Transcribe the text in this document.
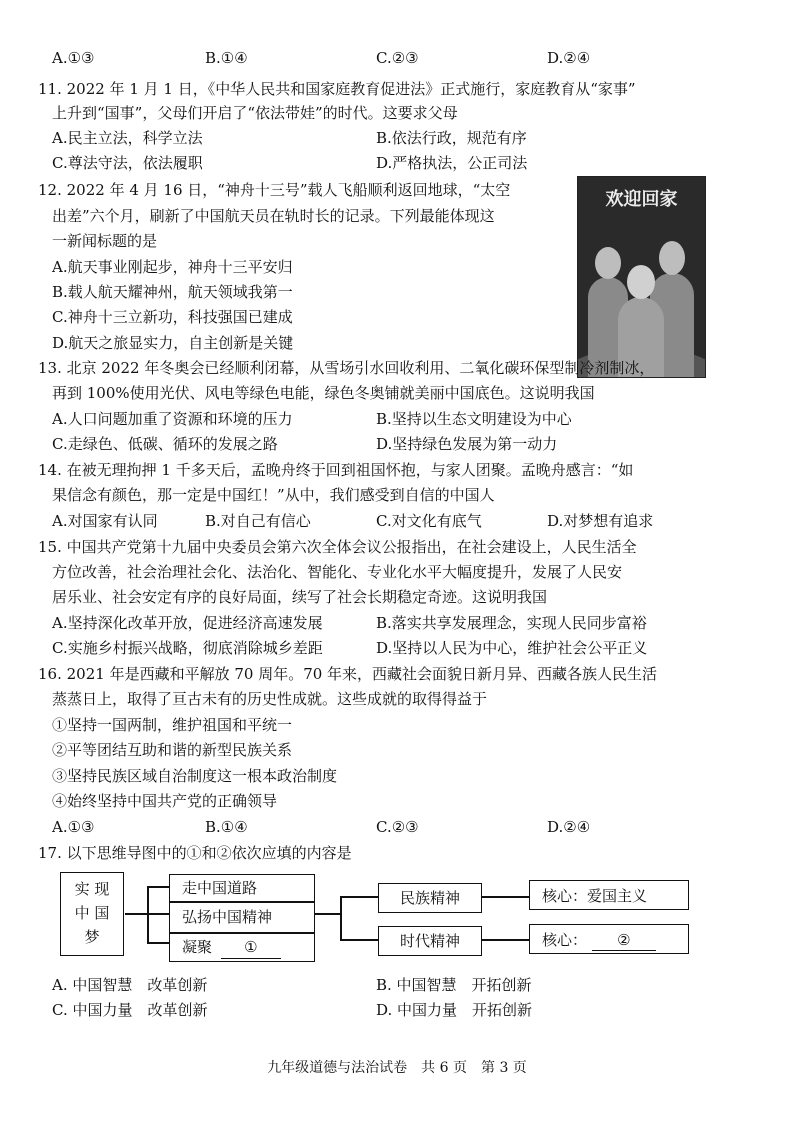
A.①③	B.①④	C.②③	D.②④
11. 2022 年 1 月 1 日，《中华人民共和国家庭教育促进法》正式施行，家庭教育从“家事”
上升到“国事”，父母们开启了“依法带娃”的时代。这要求父母
A.民主立法，科学立法	B.依法行政，规范有序
C.尊法守法，依法履职	D.严格执法，公正司法
12. 2022 年 4 月 16 日，“神舟十三号”载人飞船顺利返回地球，“太空
出差”六个月，刷新了中国航天员在轨时长的记录。下列最能体现这
一新闻标题的是
A.航天事业刚起步，神舟十三平安归
B.载人航天耀神州，航天领域我第一
C.神舟十三立新功，科技强国已建成
D.航天之旅显实力，自主创新是关键
欢迎回家
13. 北京 2022 年冬奥会已经顺利闭幕，从雪场引水回收利用、二氧化碳环保型制冷剂制冰，
再到 100%使用光伏、风电等绿色电能，绿色冬奥铺就美丽中国底色。这说明我国
A.人口问题加重了资源和环境的压力	B.坚持以生态文明建设为中心
C.走绿色、低碳、循环的发展之路	D.坚持绿色发展为第一动力
14. 在被无理拘押 1 千多天后，孟晚舟终于回到祖国怀抱，与家人团聚。孟晚舟感言：“如
果信念有颜色，那一定是中国红！”从中，我们感受到自信的中国人
A.对国家有认同	B.对自己有信心	C.对文化有底气	D.对梦想有追求
15. 中国共产党第十九届中央委员会第六次全体会议公报指出，在社会建设上，人民生活全
方位改善，社会治理社会化、法治化、智能化、专业化水平大幅度提升，发展了人民安
居乐业、社会安定有序的良好局面，续写了社会长期稳定奇迹。这说明我国
A.坚持深化改革开放，促进经济高速发展	B.落实共享发展理念，实现人民同步富裕
C.实施乡村振兴战略，彻底消除城乡差距	D.坚持以人民为中心，维护社会公平正义
16. 2021 年是西藏和平解放 70 周年。70 年来，西藏社会面貌日新月异、西藏各族人民生活
蒸蒸日上，取得了亘古未有的历史性成就。这些成就的取得得益于
①坚持一国两制，维护祖国和平统一
②平等团结互助和谐的新型民族关系
③坚持民族区域自治制度这一根本政治制度
④始终坚持中国共产党的正确领导
A.①③	B.①④	C.②③	D.②④
17. 以下思维导图中的①和②依次应填的内容是
实 现
中 国
梦
走中国道路
弘扬中国精神
凝聚 ①
民族精神
时代精神
核心：爱国主义
核心： ②
A. 中国智慧　改革创新	B. 中国智慧　开拓创新
C. 中国力量　改革创新	D. 中国力量　开拓创新
九年级道德与法治试卷　共 6 页　第 3 页
